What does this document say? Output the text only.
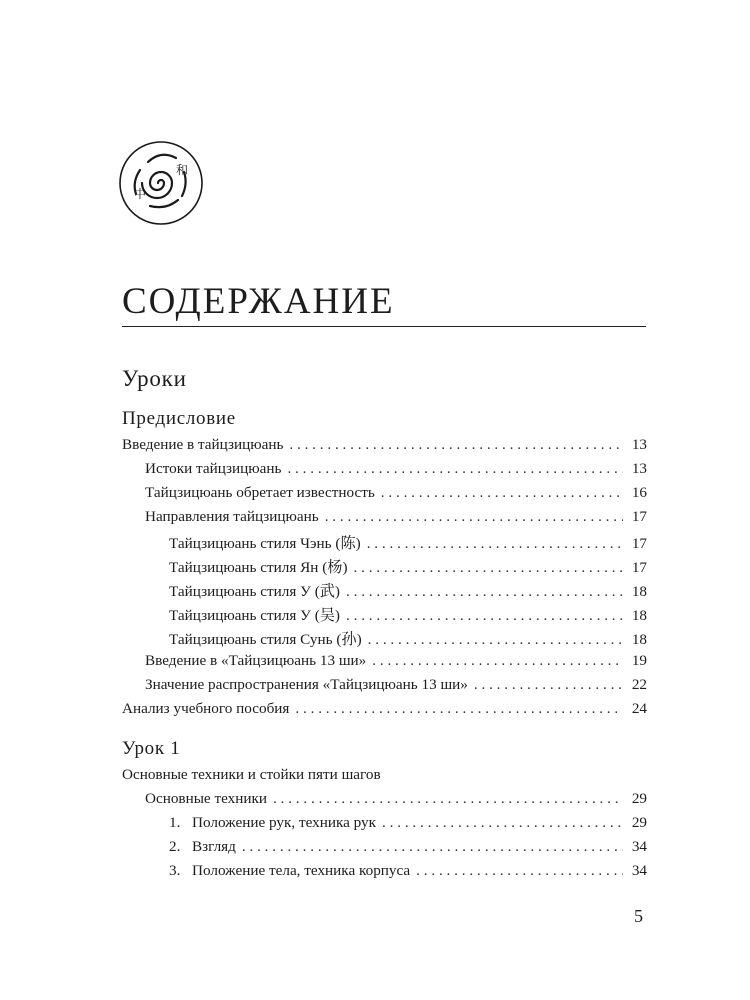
中
和
СОДЕРЖАНИЕ
Уроки
Предисловие
Введение в тайцзицюань . . .	13
Истоки тайцзицюань . . .	13
Тайцзицюань обретает известность . . .	16
Направления тайцзицюань . . .	17
Тайцзицюань стиля Чэнь (陈) . . .	17
Тайцзицюань стиля Ян (杨) . . .	17
Тайцзицюань стиля У (武) . . .	18
Тайцзицюань стиля У (吴) . . .	18
Тайцзицюань стиля Сунь (孙) . . .	18
Введение в «Тайцзицюань 13 ши» . . .	19
Значение распространения «Тайцзицюань 13 ши» . . .	22
Анализ учебного пособия . . .	24
Урок 1
Основные техники и стойки пяти шагов
Основные техники . . .	29
1. Положение рук, техника рук . . .	29
2. Взгляд . . .	34
3. Положение тела, техника корпуса . . .	34
5
